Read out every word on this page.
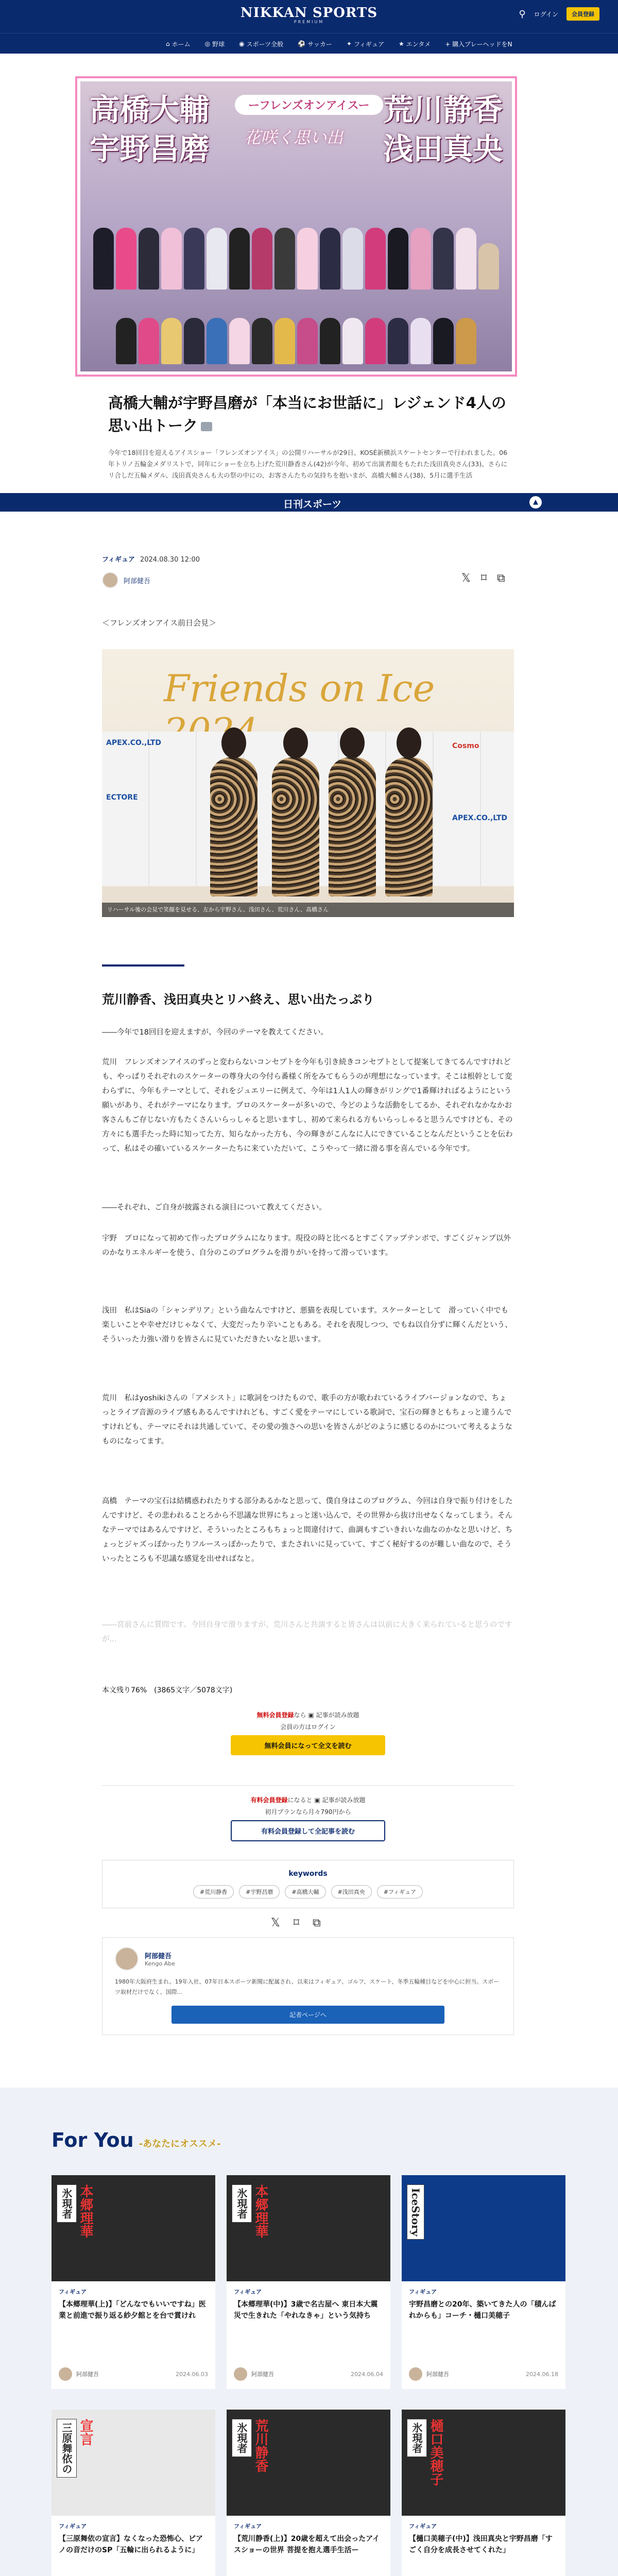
NIKKAN SPORTS
PREMIUM
⚲ ログイン	会員登録
⌂ ホーム ◎ 野球 ◉ スポーツ全般 ⚽ サッカー ✦ フィギュア ★ エンタメ + 購入プレーヘッドをN
高橋大輔
宇野昌磨
荒川静香
浅田真央
ーフレンズオンアイスー
花咲く思い出
高橋大輔が宇野昌磨が「本当にお世話に」レジェンド4人の思い出トーク
今年で18回目を迎えるアイスショー「フレンズオンアイス」の公開リハーサルが29日、KOSÉ新横浜スケートセンターで行われました。06年トリノ五輪金メダリストで、同年にショーを立ち上げた荒川静香さん(42)が今年、初めて出演者顔をもたれた浅田真央さん(33)、さらにリ合しだ五輪メダル、浅田真央さんも大の祭の中にの、お客さんたちの気持ちを抱いまが、高橋大輔さん(38)、5月に選手生活
日刊スポーツ	▲
フィギュア 2024.08.30 12:00
阿部健吾	𝕏 ⌑ ⧉
＜フレンズオンアイス前日会見＞
Friends on Ice
APEX.CO.,LTD
ECTORE
Cosmo
APEX.CO.,LTD
リハーサル後の会見で笑顔を見せる、左から宇野さん、浅田さん、荒川さん、高橋さん
荒川静香、浅田真央とリハ終え、思い出たっぷり

――今年で18回目を迎えますが、今回のテーマを教えてください。

荒川　フレンズオンアイスのずっと変わらないコンセプトを今年も引き続きコンセプトとして提案してきてるんですけれども、やっぱりそれぞれのスケーターの尊身大の今付ら番様く所をみてもらうのが理想になっています。そこは根幹として変わらずに、今年もテーマとして、それをジュエリーに例えて、今年は1人1人の輝きがリングで1番輝ければるようにという願いがあり、それがテーマになります。プロのスケーターが多いので、今どのような活動をしてるか、それぞれなかなかお客さんもご存じない方もたくさんいらっしゃると思いますし、初めて来られる方もいらっしゃると思うんですけども、その方々にも選手たった時に知ってた方、知らなかった方も、今の輝きがこんなに人にできていることなんだということを伝わって、私はその確いているスケーターたちに来ていただいて、こうやって一緒に滑る事を喜んでいる今年です。

――それぞれ、ご自身が披露される演目について教えてください。

宇野　プロになって初めて作ったプログラムになります。現役の時と比べるとすごくアップテンポで、すごくジャンプ以外のかなりエネルギーを使う、自分のこのプログラムを滑りがいを持って滑っています。

浅田　私はSiaの「シャンデリア」という曲なんですけど、悪猫を表現しています。スケーターとして　滑っていく中でも楽しいことや幸せだけじゃなくて、大変だったり辛いこともある。それを表現しつつ、でもね以自分ずに輝くんだという、そういった力強い滑りを皆さんに見ていただきたいなと思います。

荒川　私はyoshikiさんの「アメシスト」に歌詞をつけたもので、歌手の方が歌われているライブバージョンなので、ちょっとライブ音源のライブ感もあるんですけれども、すごく愛をテーマにしている歌詞で、宝石の輝きともちょっと違うんですけれども、テーマにそれは共通していて、その愛の強さへの思いを皆さんがどのように感じるのかについて考えるようなものになってます。

高橋　テーマの宝石は結構惑われたりする部分あるかなと思って、僕自身はこのプログラム、今回は自身で振り付けをしたんですけど、その悲われることろから不思議な世界にちょっと迷い込んで、その世界から抜け出せなくなってしまう。そんなテーマではあるんですけど、そういったところもちょっと間違付けて、曲調もすごいきれいな曲なのかなと思いけど、ちょっとジャズっぽかったりフルースっぽかったりで、またされいに見っていて、すごく秘好するのが難しい曲なので、そういったところも不思議な感覚を出せればなと。

――宮前さんに質問です。今回自身で滑りますが、荒川さんと共演すると皆さんは以前に大きく来られていると思うのですが...

本文残り76%　(3865文字／5078文字)
無料会員登録なら ▣ 記事が読み放題
会員の方はログイン
無料会員になって全文を読む
有料会員登録になると ▣ 記事が読み放題
初月プランなら月々790円から
有料会員登録して全記事を読む
keywords
#荒川静香	#宇野昌磨	#高橋大輔	#浅田真央	#フィギュア
𝕏 ⌑ ⧉
阿部健吾
Kengo Abe
1980年大阪府生まれ。19年入社、07年日本スポーツ新聞に配属され、以来はフィギュア、ゴルフ、スケート、冬季五輪種目などを中心に担当。スポーツ取材だけでなく、国際...
記者ページへ
For You -あなたにオススメ-
氷現者 本郷理華
フィギュア
【本郷理華(上)】「どんなでもいいですね」医業と前進で振り返る紗夕館とを台で賞けれ
阿部健吾	2024.06.03
氷現者 本郷理華
フィギュア
【本郷理華(中)】3歳で名古屋へ 東日本大震災で生きれた「やれなきゃ」という気持ち
阿部健吾	2024.06.04
IceStory
フィギュア
宇野昌磨との20年、築いてきた人の「積んばれからも」コーチ・樋口美穂子
阿部健吾	2024.06.18
三原舞依の 宣言
フィギュア
【三原舞依の宣言】なくなった恐怖心、ピアノの音だけのSP「五輪に出られるように」
氷現者 荒川静香
フィギュア
【荒川静香(上)】20歳を超えて出会ったアイスショーの世界 菩提を抱え選手生活ー
氷現者 樋口美穂子
フィギュア
【樋口美穂子(中)】浅田真央と宇野昌磨「すごく自分を成長させてくれた」
